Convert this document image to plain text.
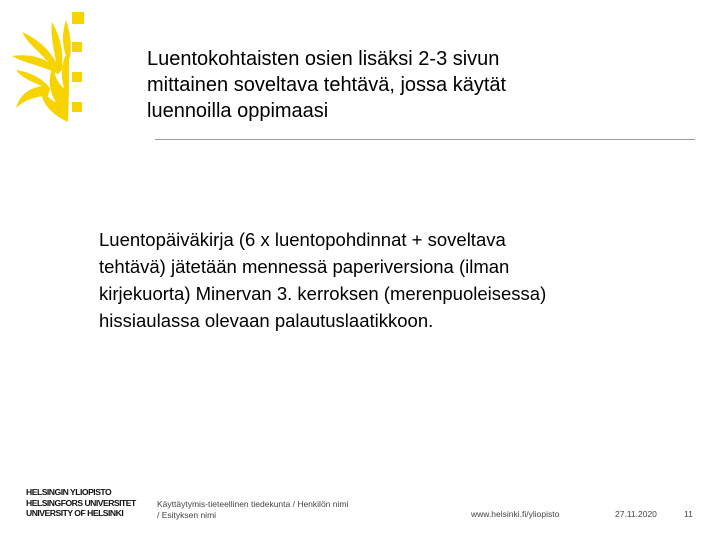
Luentokohtaisten osien lisäksi 2-3 sivun
mittainen soveltava tehtävä, jossa käytät
luennoilla oppimaasi
Luentopäiväkirja (6 x luentopohdinnat + soveltava
tehtävä) jätetään mennessä paperiversiona (ilman
kirjekuorta) Minervan 3. kerroksen (merenpuoleisessa)
hissiaulassa olevaan palautuslaatikkoon.
HELSINGIN YLIOPISTO
HELSINGFORS UNIVERSITET
UNIVERSITY OF HELSINKI
Käyttäytymis-tieteellinen tiedekunta / Henkilön nimi
/ Esityksen nimi	www.helsinki.fi/yliopisto	27.11.2020	11
